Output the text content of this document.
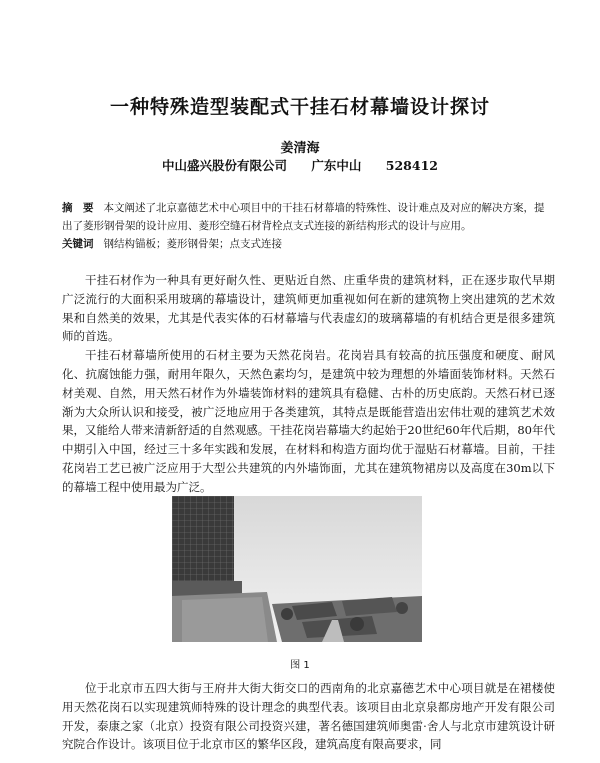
一种特殊造型装配式干挂石材幕墙设计探讨
姜清海
中山盛兴股份有限公司 广东中山 528412

摘　要 本文阐述了北京嘉德艺术中心项目中的干挂石材幕墙的特殊性、设计难点及对应的解决方案，提出了菱形钢骨架的设计应用、菱形空缝石材背栓点支式连接的新结构形式的设计与应用。

关键词 钢结构锚板；菱形钢骨架；点支式连接

干挂石材作为一种具有更好耐久性、更贴近自然、庄重华贵的建筑材料，正在逐步取代早期广泛流行的大面积采用玻璃的幕墙设计，建筑师更加重视如何在新的建筑物上突出建筑的艺术效果和自然美的效果，尤其是代表实体的石材幕墙与代表虚幻的玻璃幕墙的有机结合更是很多建筑师的首选。

干挂石材幕墙所使用的石材主要为天然花岗岩。花岗岩具有较高的抗压强度和硬度、耐风化、抗腐蚀能力强，耐用年限久，天然色素均匀，是建筑中较为理想的外墙面装饰材料。天然石材美观、自然，用天然石材作为外墙装饰材料的建筑具有稳健、古朴的历史底韵。天然石材已逐渐为大众所认识和接受，被广泛地应用于各类建筑，其特点是既能营造出宏伟壮观的建筑艺术效果，又能给人带来清新舒适的自然观感。干挂花岗岩幕墙大约起始于20世纪60年代后期，80年代中期引入中国，经过三十多年实践和发展，在材料和构造方面均优于湿贴石材幕墙。目前，干挂花岗岩工艺已被广泛应用于大型公共建筑的内外墙饰面，尤其在建筑物裙房以及高度在30m以下的幕墙工程中使用最为广泛。

图 1

位于北京市五四大街与王府井大街大街交口的西南角的北京嘉德艺术中心项目就是在裙楼使用天然花岗石以实现建筑师特殊的设计理念的典型代表。该项目由北京泉都房地产开发有限公司开发，泰康之家（北京）投资有限公司投资兴建，著名德国建筑师奥雷·舍人与北京市建筑设计研究院合作设计。该项目位于北京市区的繁华区段，建筑高度有限高要求，同
